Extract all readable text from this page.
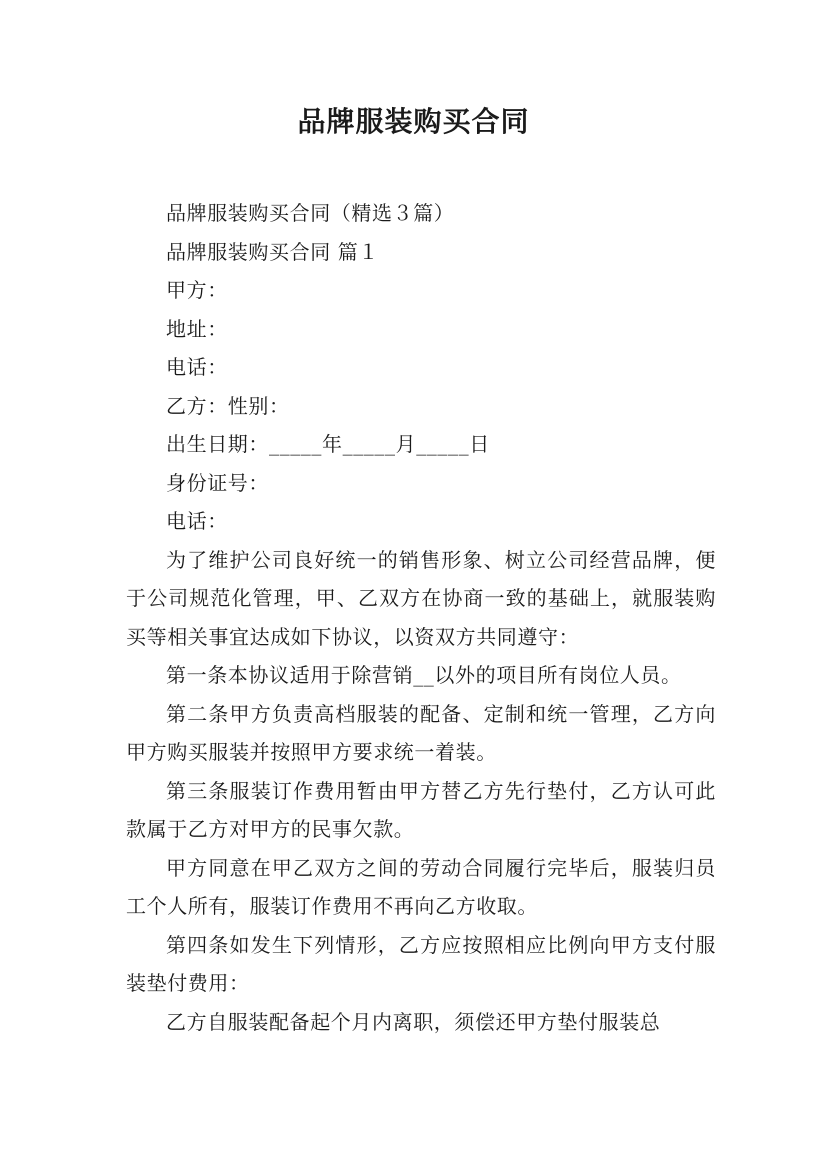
品牌服装购买合同

品牌服装购买合同（精选３篇）

品牌服装购买合同 篇１

甲方：

地址：

电话：

乙方：性别：

出生日期：_____年_____月_____日

身份证号：

电话：

为了维护公司良好统一的销售形象、树立公司经营品牌，便于公司规范化管理，甲、乙双方在协商一致的基础上，就服装购买等相关事宜达成如下协议，以资双方共同遵守：

第一条本协议适用于除营销__以外的项目所有岗位人员。

第二条甲方负责高档服装的配备、定制和统一管理，乙方向甲方购买服装并按照甲方要求统一着装。

第三条服装订作费用暂由甲方替乙方先行垫付，乙方认可此款属于乙方对甲方的民事欠款。

甲方同意在甲乙双方之间的劳动合同履行完毕后，服装归员工个人所有，服装订作费用不再向乙方收取。

第四条如发生下列情形，乙方应按照相应比例向甲方支付服装垫付费用：

乙方自服装配备起个月内离职，须偿还甲方垫付服装总
